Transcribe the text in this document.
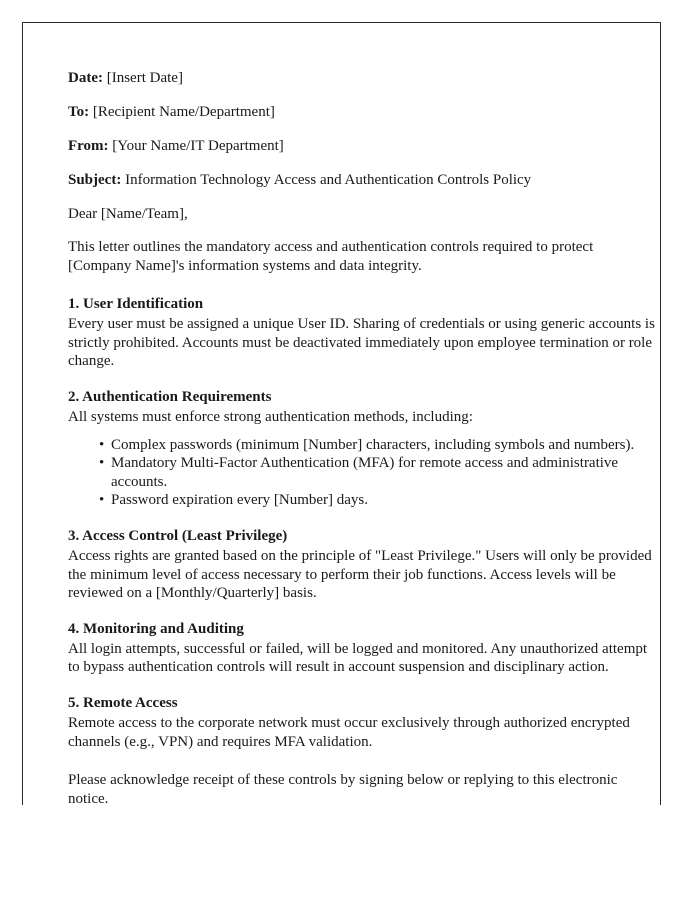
Date: [Insert Date]

To: [Recipient Name/Department]

From: [Your Name/IT Department]

Subject: Information Technology Access and Authentication Controls Policy

Dear [Name/Team],

This letter outlines the mandatory access and authentication controls required to protect [Company Name]'s information systems and data integrity.

1. User Identification

Every user must be assigned a unique User ID. Sharing of credentials or using generic accounts is strictly prohibited. Accounts must be deactivated immediately upon employee termination or role change.

2. Authentication Requirements

All systems must enforce strong authentication methods, including:

• Complex passwords (minimum [Number] characters, including symbols and numbers).
• Mandatory Multi-Factor Authentication (MFA) for remote access and administrative accounts.
• Password expiration every [Number] days.

3. Access Control (Least Privilege)

Access rights are granted based on the principle of "Least Privilege." Users will only be provided the minimum level of access necessary to perform their job functions. Access levels will be reviewed on a [Monthly/Quarterly] basis.

4. Monitoring and Auditing

All login attempts, successful or failed, will be logged and monitored. Any unauthorized attempt to bypass authentication controls will result in account suspension and disciplinary action.

5. Remote Access

Remote access to the corporate network must occur exclusively through authorized encrypted channels (e.g., VPN) and requires MFA validation.

Please acknowledge receipt of these controls by signing below or replying to this electronic notice.
